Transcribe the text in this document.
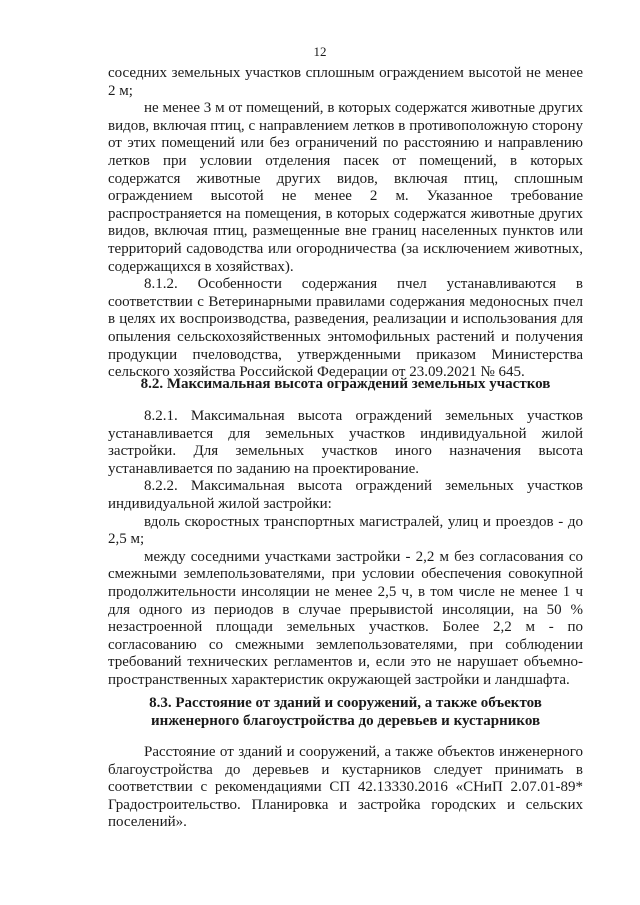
12

соседних земельных участков сплошным ограждением высотой не менее 2 м;

не менее 3 м от помещений, в которых содержатся животные других видов, включая птиц, с направлением летков в противоположную сторону от этих помещений или без ограничений по расстоянию и направлению летков при условии отделения пасек от помещений, в которых содержатся животные других видов, включая птиц, сплошным ограждением высотой не менее 2 м. Указанное требование распространяется на помещения, в которых содержатся животные других видов, включая птиц, размещенные вне границ населенных пунктов или территорий садоводства или огородничества (за исключением животных, содержащихся в хозяйствах).

8.1.2. Особенности содержания пчел устанавливаются в соответствии с Ветеринарными правилами содержания медоносных пчел в целях их воспроизводства, разведения, реализации и использования для опыления сельскохозяйственных энтомофильных растений и получения продукции пчеловодства, утвержденными приказом Министерства сельского хозяйства Российской Федерации от 23.09.2021 № 645.

8.2. Максимальная высота ограждений земельных участков

8.2.1. Максимальная высота ограждений земельных участков устанавливается для земельных участков индивидуальной жилой застройки. Для земельных участков иного назначения высота устанавливается по заданию на проектирование.

8.2.2. Максимальная высота ограждений земельных участков индивидуальной жилой застройки:

вдоль скоростных транспортных магистралей, улиц и проездов - до 2,5 м;

между соседними участками застройки - 2,2 м без согласования со смежными землепользователями, при условии обеспечения совокупной продолжительности инсоляции не менее 2,5 ч, в том числе не менее 1 ч для одного из периодов в случае прерывистой инсоляции, на 50 % незастроенной площади земельных участков. Более 2,2 м - по согласованию со смежными землепользователями, при соблюдении требований технических регламентов и, если это не нарушает объемно-пространственных характеристик окружающей застройки и ландшафта.

8.3. Расстояние от зданий и сооружений, а также объектов

инженерного благоустройства до деревьев и кустарников

Расстояние от зданий и сооружений, а также объектов инженерного благоустройства до деревьев и кустарников следует принимать в соответствии с рекомендациями СП 42.13330.2016 «СНиП 2.07.01-89* Градостроительство. Планировка и застройка городских и сельских поселений».
